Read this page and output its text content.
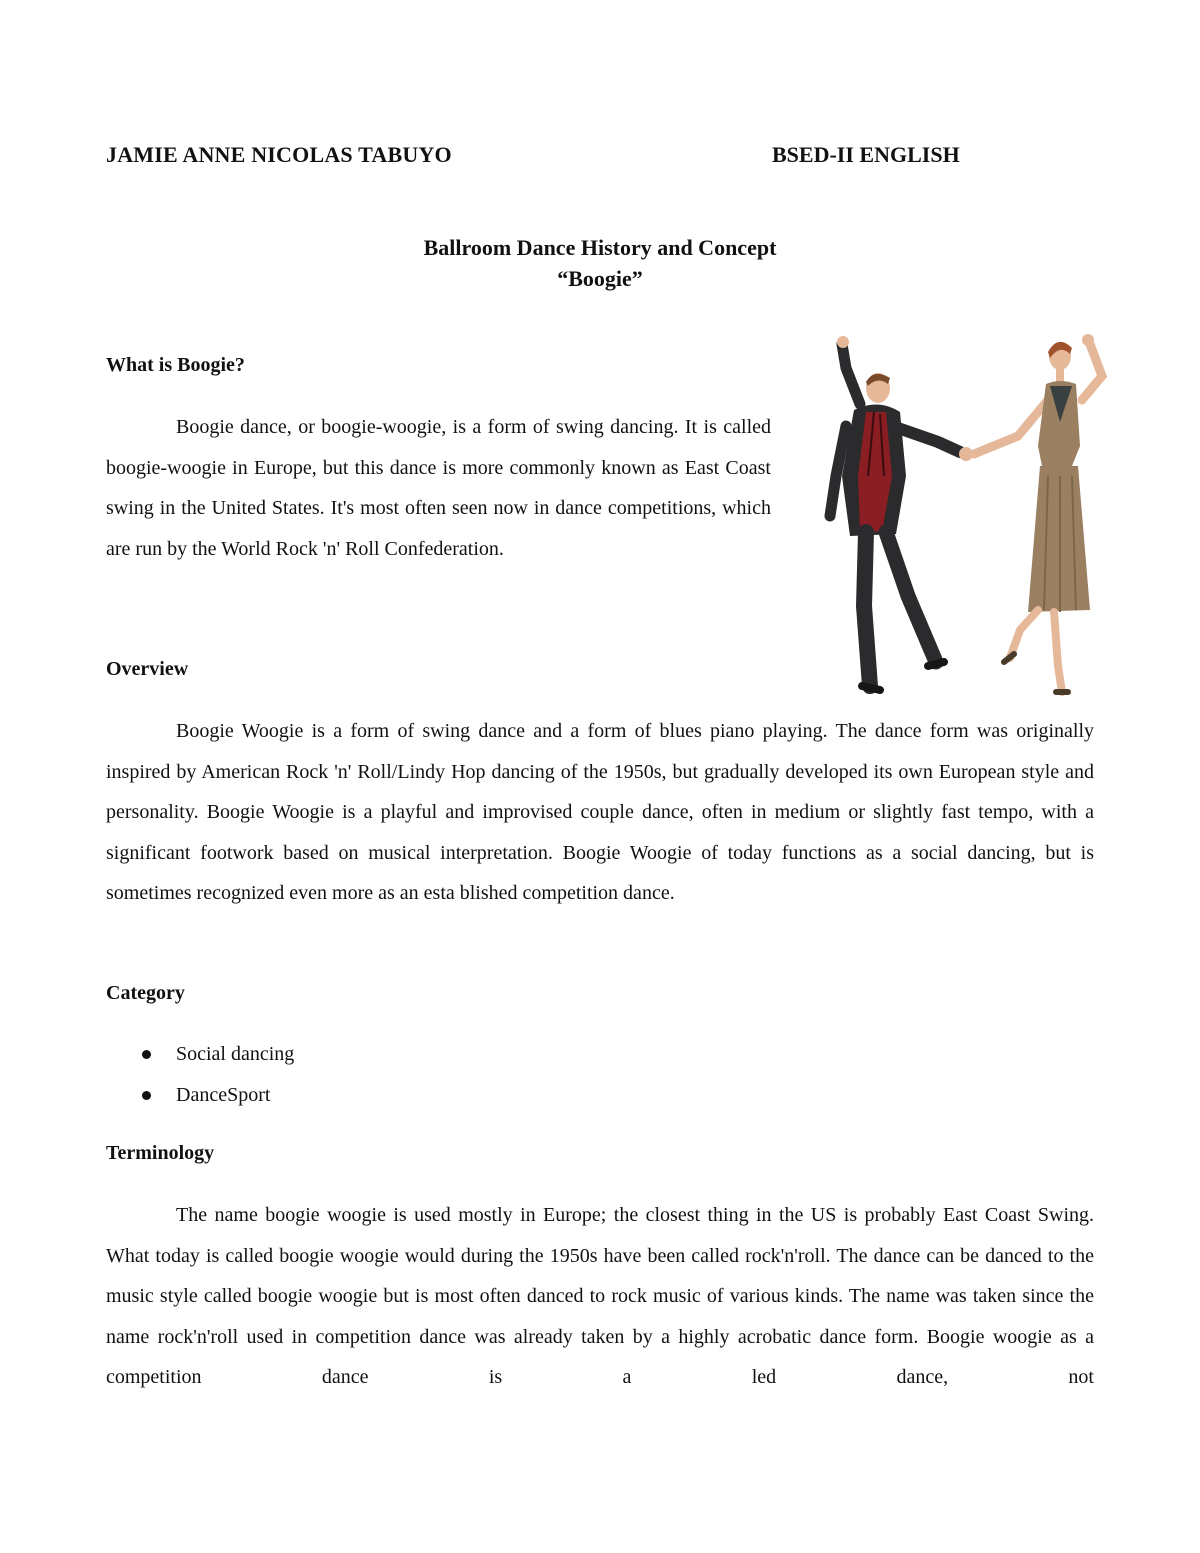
JAMIE ANNE NICOLAS TABUYO	BSED-II ENGLISH
Ballroom Dance History and Concept
“Boogie”
What is Boogie?

Boogie dance, or boogie-woogie, is a form of swing dancing. It is called boogie-woogie in Europe, but this dance is more commonly known as East Coast swing in the United States. It's most often seen now in dance competitions, which are run by the World Rock 'n' Roll Confederation.

Overview

Boogie Woogie is a form of swing dance and a form of blues piano playing. The dance form was originally inspired by American Rock 'n' Roll/Lindy Hop dancing of the 1950s, but gradually developed its own European style and personality. Boogie Woogie is a playful and improvised couple dance, often in medium or slightly fast tempo, with a significant footwork based on musical interpretation. Boogie Woogie of today functions as a social dancing, but is sometimes recognized even more as an esta blished competition dance.

Category
Social dancing
DanceSport
Terminology

The name boogie woogie is used mostly in Europe; the closest thing in the US is probably East Coast Swing. What today is called boogie woogie would during the 1950s have been called rock'n'roll. The dance can be danced to the music style called boogie woogie but is most often danced to rock music of various kinds. The name was taken since the name rock'n'roll used in competition dance was already taken by a highly acrobatic dance form. Boogie woogie as a competition dance is a led dance, not
